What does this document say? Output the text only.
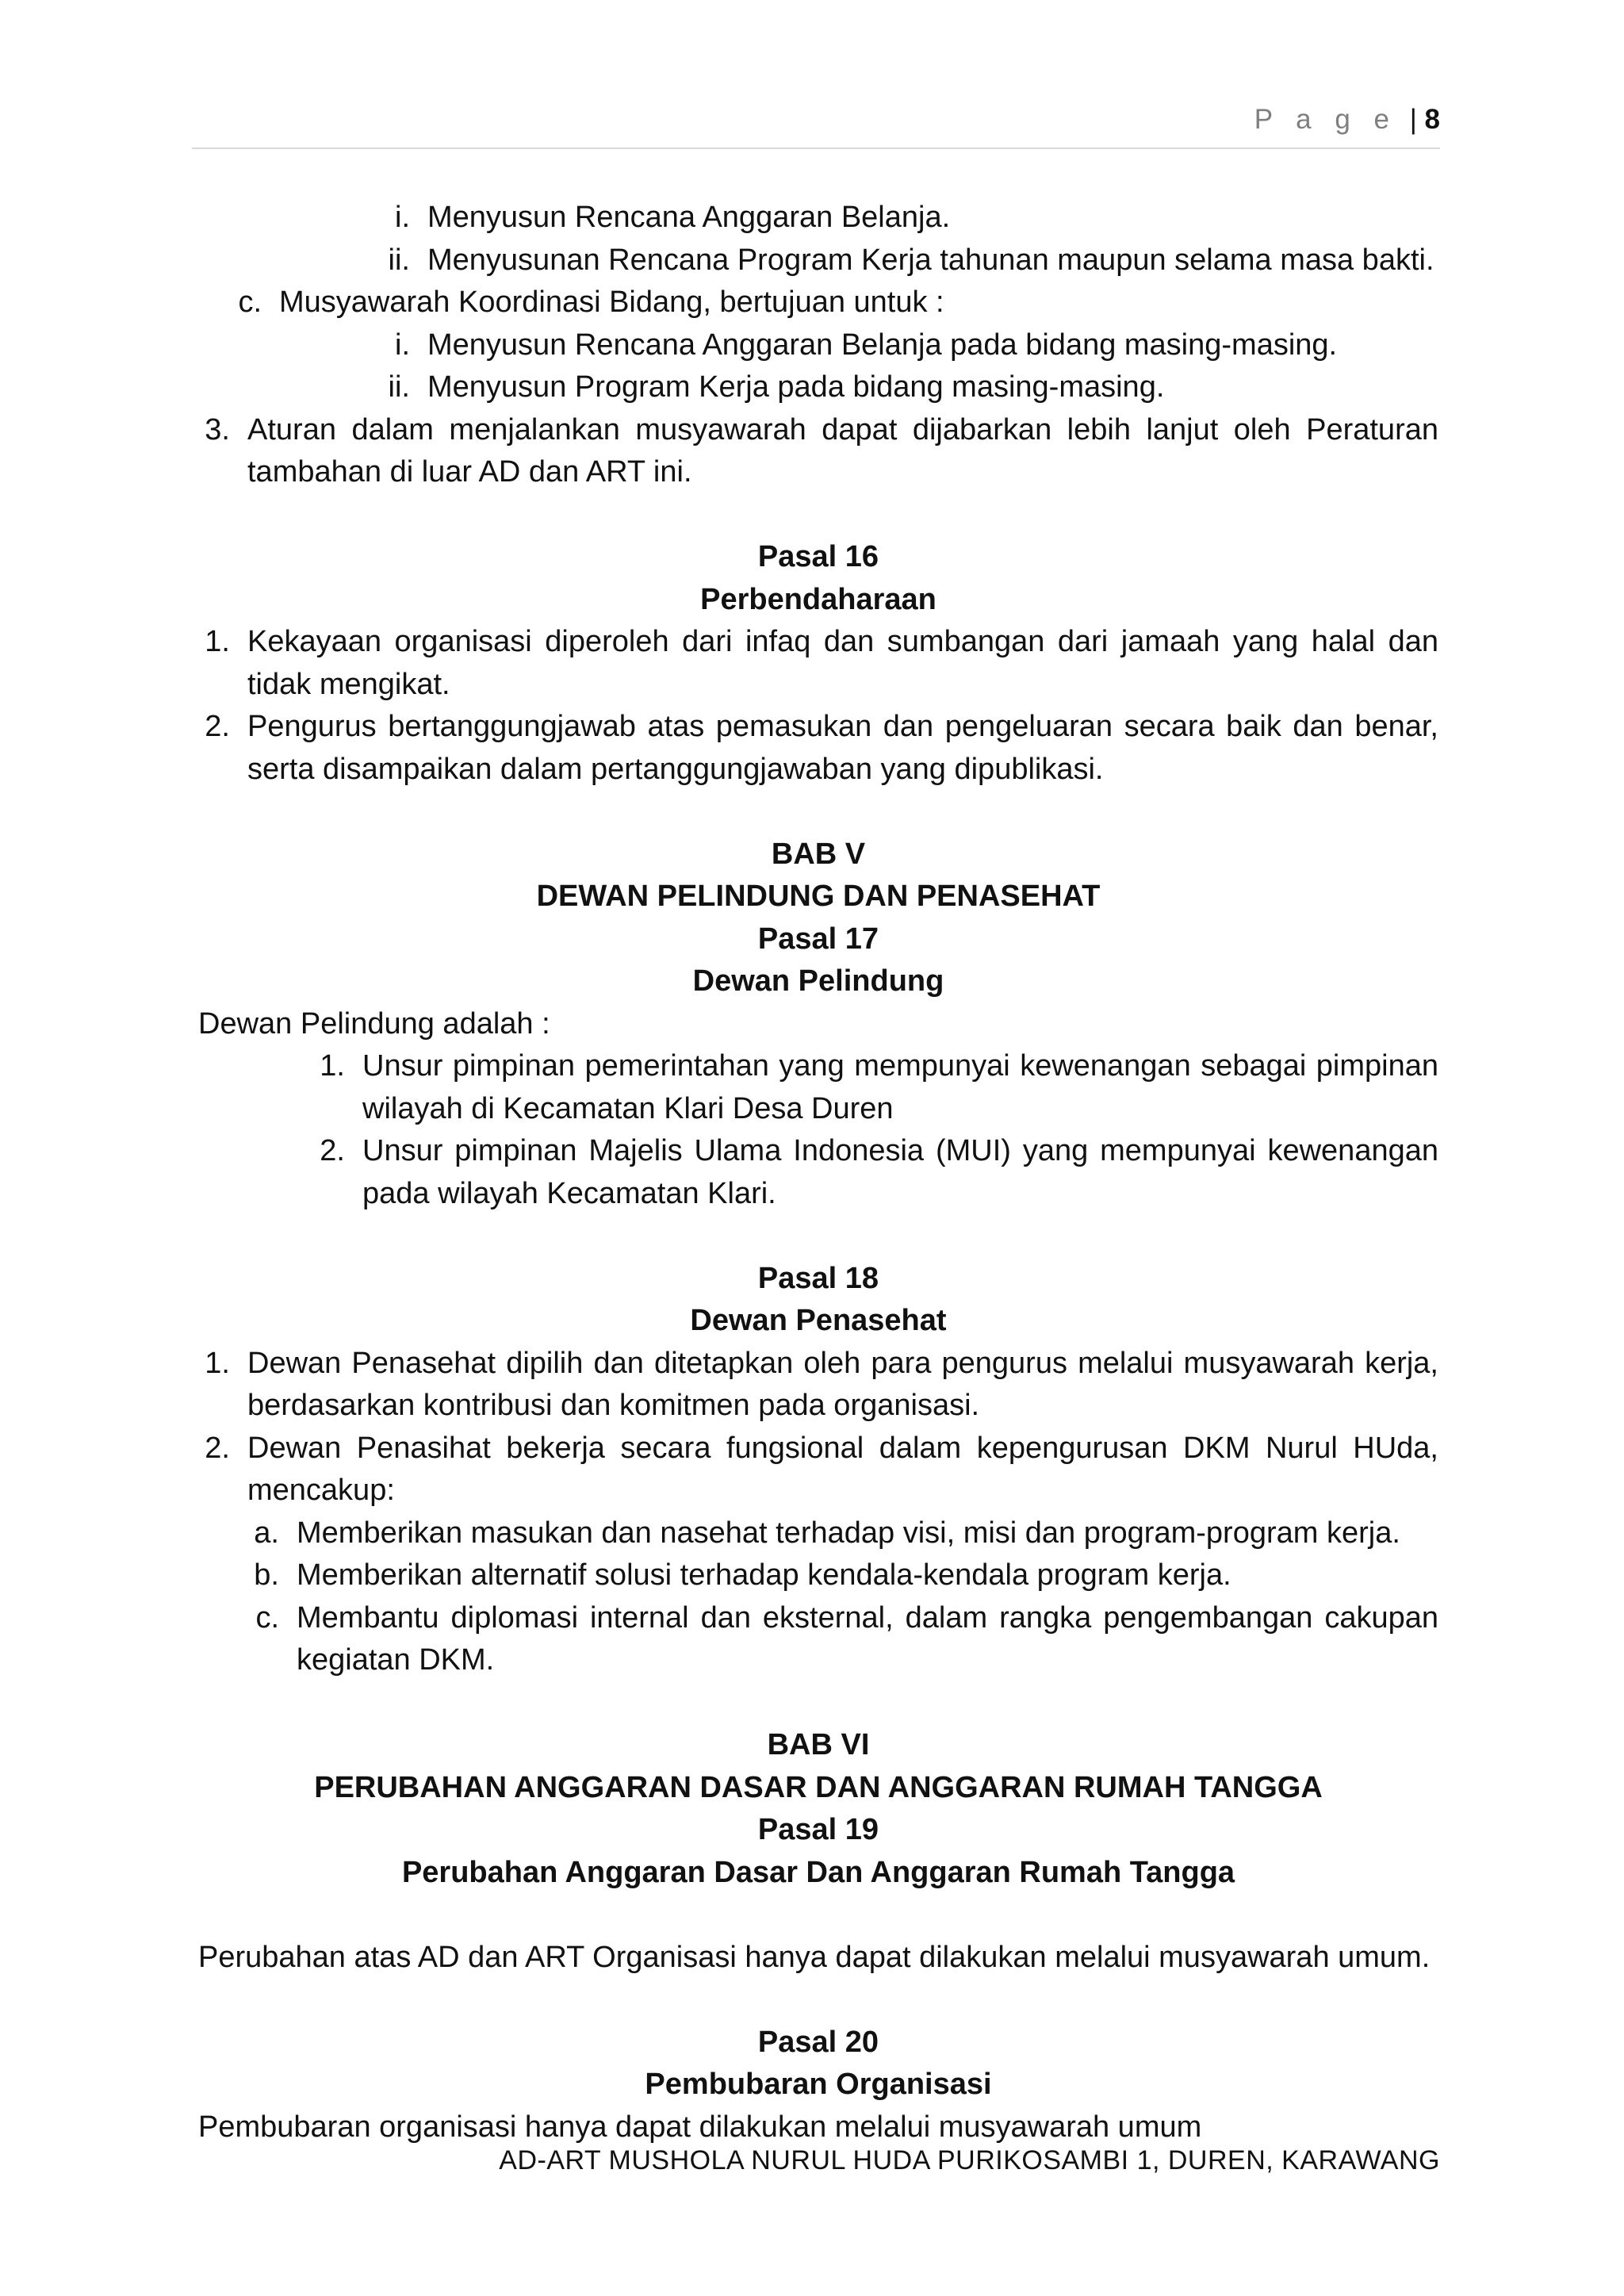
P a g e | 8
i. Menyusun Rencana Anggaran Belanja.
ii. Menyusunan Rencana Program Kerja tahunan maupun selama masa bakti.
c. Musyawarah Koordinasi Bidang, bertujuan untuk :
i. Menyusun Rencana Anggaran Belanja pada bidang masing-masing.
ii. Menyusun Program Kerja pada bidang masing-masing.
3. Aturan dalam menjalankan musyawarah dapat dijabarkan lebih lanjut oleh Peraturan tambahan di luar AD dan ART ini.
Pasal 16
Perbendaharaan
1. Kekayaan organisasi diperoleh dari infaq dan sumbangan dari jamaah yang halal dan tidak mengikat.
2. Pengurus bertanggungjawab atas pemasukan dan pengeluaran secara baik dan benar, serta disampaikan dalam pertanggungjawaban yang dipublikasi.
BAB V
DEWAN PELINDUNG DAN PENASEHAT
Pasal 17
Dewan Pelindung
Dewan Pelindung adalah :
1. Unsur pimpinan pemerintahan yang mempunyai kewenangan sebagai pimpinan wilayah di Kecamatan Klari Desa Duren
2. Unsur pimpinan Majelis Ulama Indonesia (MUI) yang mempunyai kewenangan pada wilayah Kecamatan Klari.
Pasal 18
Dewan Penasehat
1. Dewan Penasehat dipilih dan ditetapkan oleh para pengurus melalui musyawarah kerja, berdasarkan kontribusi dan komitmen pada organisasi.
2. Dewan Penasihat bekerja secara fungsional dalam kepengurusan DKM Nurul HUda, mencakup:
a. Memberikan masukan dan nasehat terhadap visi, misi dan program-program kerja.
b. Memberikan alternatif solusi terhadap kendala-kendala program kerja.
c. Membantu diplomasi internal dan eksternal, dalam rangka pengembangan cakupan kegiatan DKM.
BAB VI
PERUBAHAN ANGGARAN DASAR DAN ANGGARAN RUMAH TANGGA
Pasal 19
Perubahan Anggaran Dasar Dan Anggaran Rumah Tangga
Perubahan atas AD dan ART Organisasi hanya dapat dilakukan melalui musyawarah umum.
Pasal 20
Pembubaran Organisasi
Pembubaran organisasi hanya dapat dilakukan melalui musyawarah umum
AD-ART MUSHOLA NURUL HUDA PURIKOSAMBI 1, DUREN, KARAWANG
